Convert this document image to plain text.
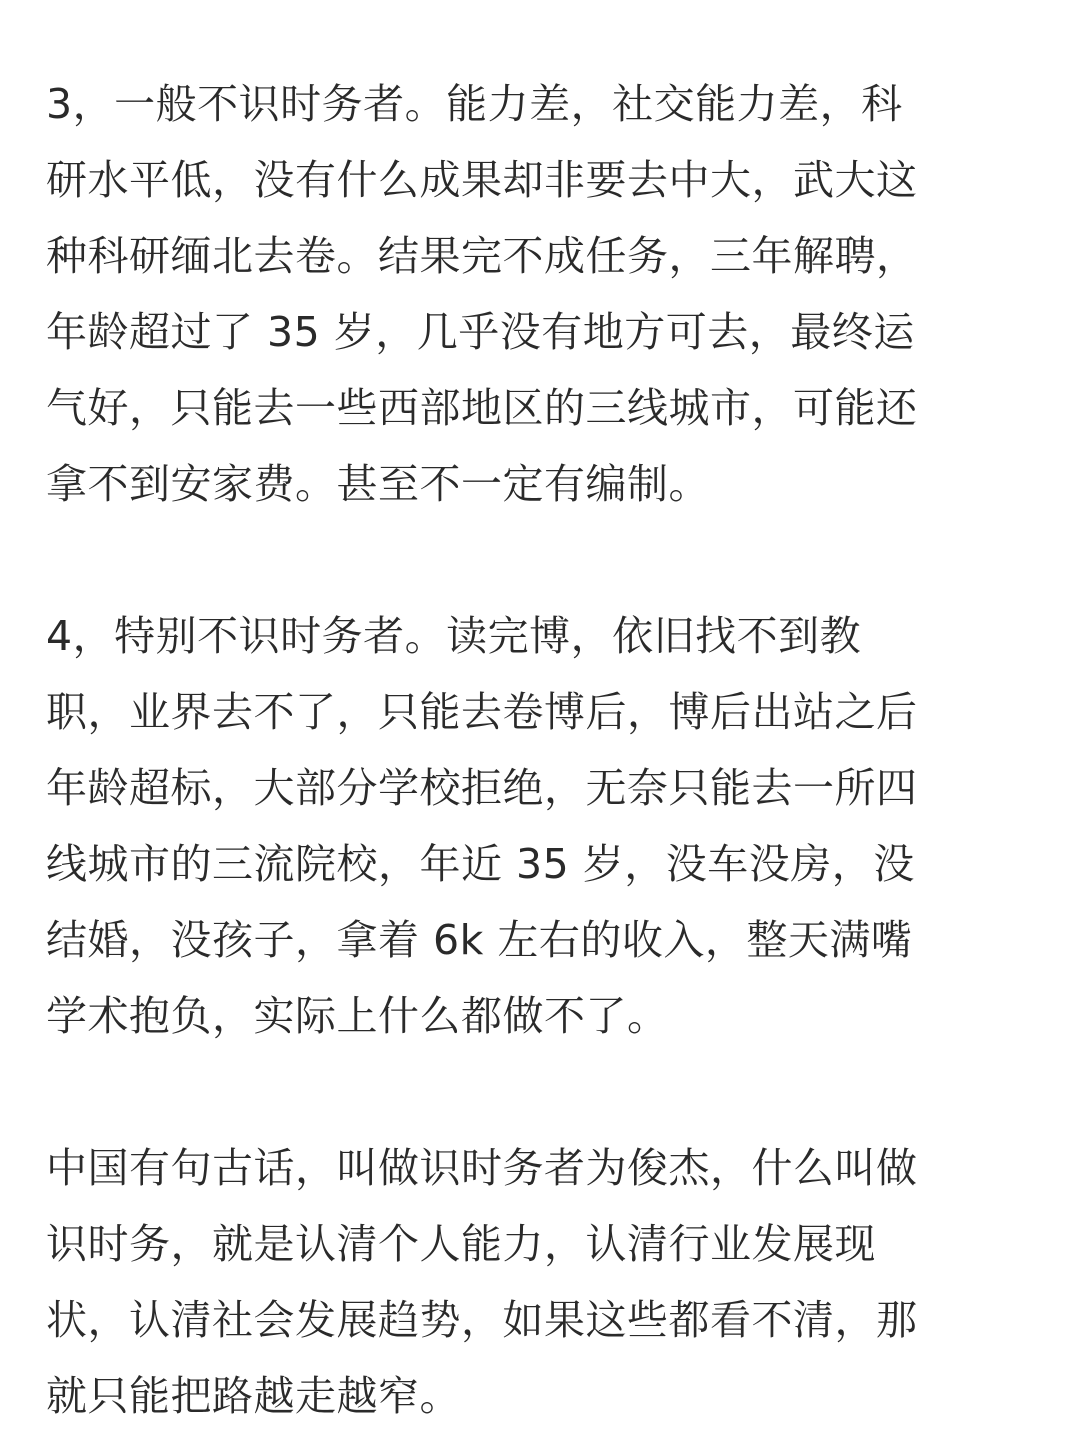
3，一般不识时务者。能力差，社交能力差，科
研水平低，没有什么成果却非要去中大，武大这
种科研缅北去卷。结果完不成任务，三年解聘，
年龄超过了 35 岁，几乎没有地方可去，最终运
气好，只能去一些西部地区的三线城市，可能还
拿不到安家费。甚至不一定有编制。
4，特别不识时务者。读完博，依旧找不到教
职，业界去不了，只能去卷博后，博后出站之后
年龄超标，大部分学校拒绝，无奈只能去一所四
线城市的三流院校，年近 35 岁，没车没房，没
结婚，没孩子，拿着 6k 左右的收入，整天满嘴
学术抱负，实际上什么都做不了。
中国有句古话，叫做识时务者为俊杰，什么叫做
识时务，就是认清个人能力，认清行业发展现
状，认清社会发展趋势，如果这些都看不清，那
就只能把路越走越窄。
